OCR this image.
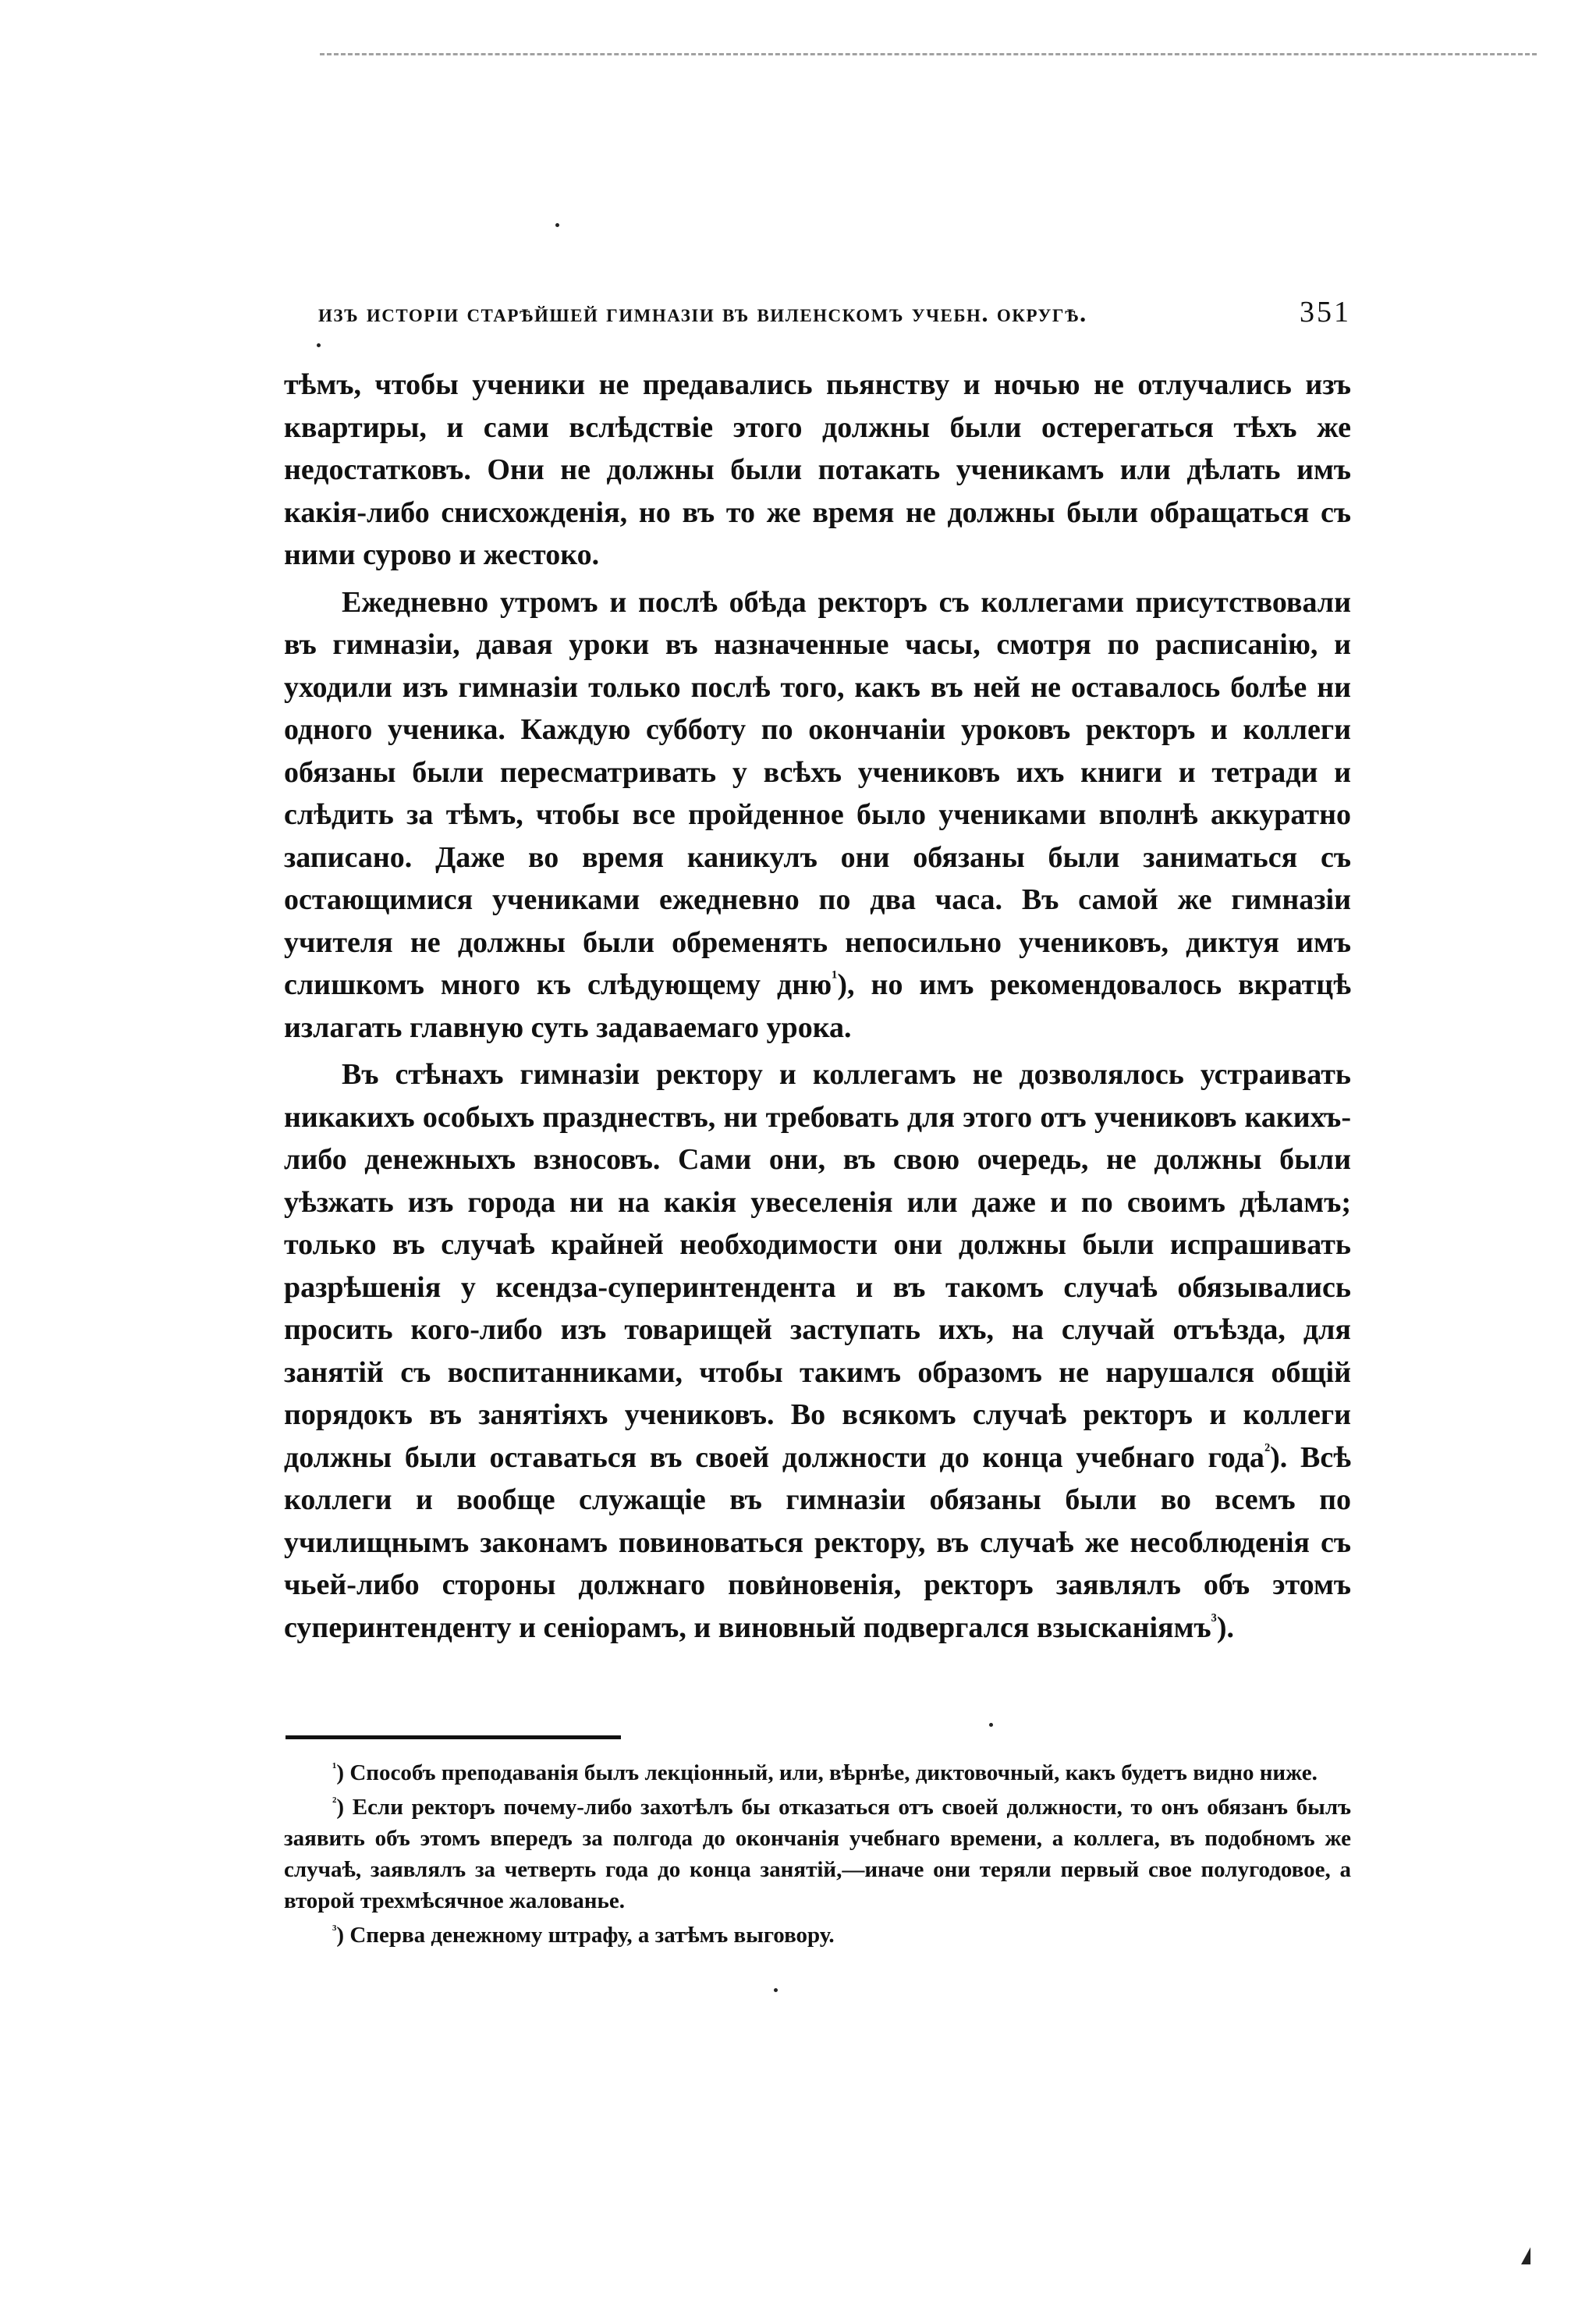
изъ исторіи старѣйшей гимназіи въ виленскомъ учебн. округѣ.	351

тѣмъ, чтобы ученики не предавались пьянству и ночью не отлучались изъ квартиры, и сами вслѣдствіе этого должны были остерегаться тѣхъ же недостатковъ. Они не должны были потакать ученикамъ или дѣлать имъ какія-либо снисхожденія, но въ то же время не должны были обращаться съ ними сурово и жестоко.

Ежедневно утромъ и послѣ обѣда ректоръ съ коллегами присутствовали въ гимназіи, давая уроки въ назначенные часы, смотря по расписанію, и уходили изъ гимназіи только послѣ того, какъ въ ней не оставалось болѣе ни одного ученика. Каждую субботу по окончаніи уроковъ ректоръ и коллеги обязаны были пересматривать у всѣхъ учениковъ ихъ книги и тетради и слѣдить за тѣмъ, чтобы все пройденное было учениками вполнѣ аккуратно записано. Даже во время каникулъ они обязаны были заниматься съ остающимися учениками ежедневно по два часа. Въ самой же гимназіи учителя не должны были обременять непосильно учениковъ, диктуя имъ слишкомъ много къ слѣдующему дню$^{^1}$), но имъ рекомендовалось вкратцѣ излагать главную суть задаваемаго урока.

Въ стѣнахъ гимназіи ректору и коллегамъ не дозволялось устраивать никакихъ особыхъ празднествъ, ни требовать для этого отъ учениковъ какихъ-либо денежныхъ взносовъ. Сами они, въ свою очередь, не должны были уѣзжать изъ города ни на какія увеселенія или даже и по своимъ дѣламъ; только въ случаѣ крайней необходимости они должны были испрашивать разрѣшенія у ксендза-суперинтендента и въ такомъ случаѣ обязывались просить кого-либо изъ товарищей заступать ихъ, на случай отъѣзда, для занятій съ воспитанниками, чтобы такимъ образомъ не нарушался общій порядокъ въ занятіяхъ учениковъ. Во всякомъ случаѣ ректоръ и коллеги должны были оставаться въ своей должности до конца учебнаго года$^{^2}$). Всѣ коллеги и вообще служащіе въ гимназіи обязаны были во всемъ по училищнымъ законамъ повиноваться ректору, въ случаѣ же несоблюденія съ чьей-либо стороны должнаго повиновенія, ректоръ заявлялъ объ этомъ суперинтенденту и сеніорамъ, и виновный подвергался взысканіямъ$^{^3}$).

$^{^1}$) Способъ преподаванія былъ лекціонный, или, вѣрнѣе, диктовочный, какъ будетъ видно ниже.

$^{^2}$) Если ректоръ почему-либо захотѣлъ бы отказаться отъ своей должности, то онъ обязанъ былъ заявить объ этомъ впередъ за полгода до окончанія учебнаго времени, а коллега, въ подобномъ же случаѣ, заявлялъ за четверть года до конца занятій,—иначе они теряли первый свое полугодовое, а второй трехмѣсячное жалованье.

$^{^3}$) Сперва денежному штрафу, а затѣмъ выговору.
